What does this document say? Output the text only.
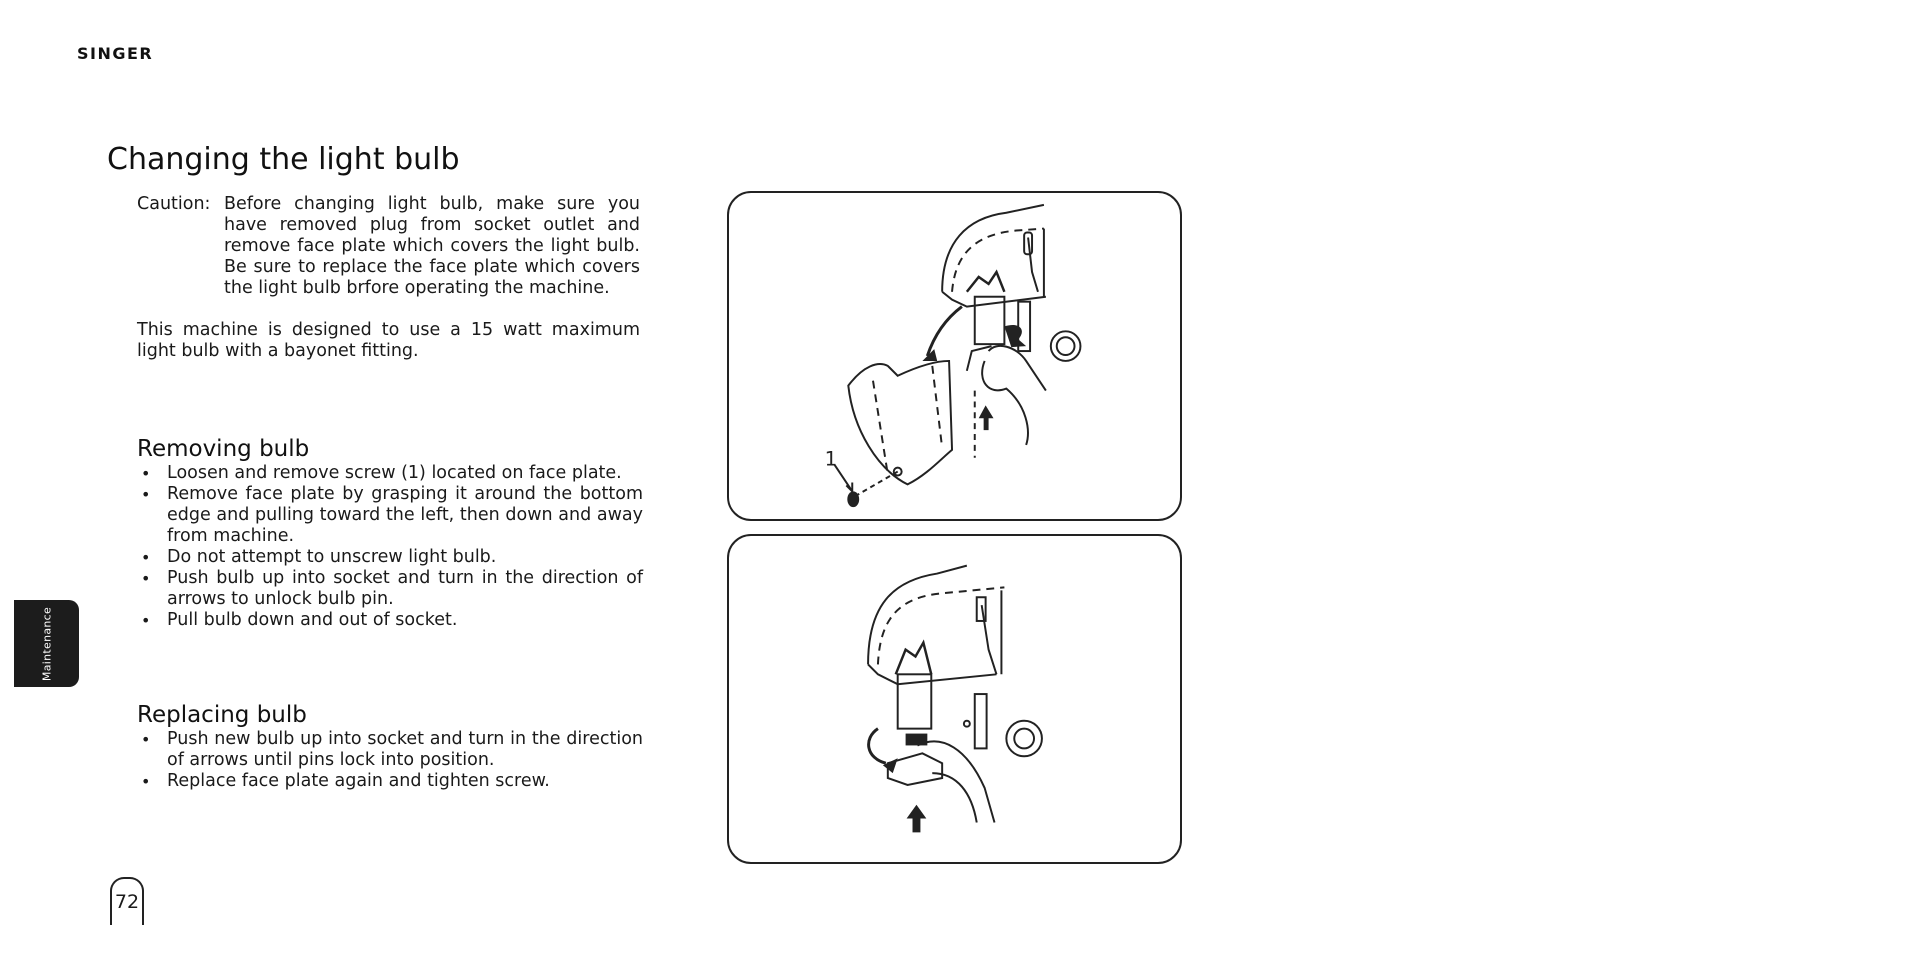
SINGER
Changing the light bulb
Caution: Before changing light bulb, make sure you have removed plug from socket outlet and remove face plate which covers the light bulb. Be sure to replace the face plate which covers the light bulb brfore operating the machine.

This machine is designed to use a 15 watt maximum light bulb with a bayonet fitting.

Removing bulb
• Loosen and remove screw (1) located on face plate.
• Remove face plate by grasping it around the bottom edge and pulling toward the left, then down and away from machine.
• Do not attempt to unscrew light bulb.
• Push bulb up into socket and turn in the direction of arrows to unlock bulb pin.
• Pull bulb down and out of socket.
Replacing bulb
• Push new bulb up into socket and turn in the direction of arrows until pins lock into position.
• Replace face plate again and tighten screw.
Maintenance
72
1
